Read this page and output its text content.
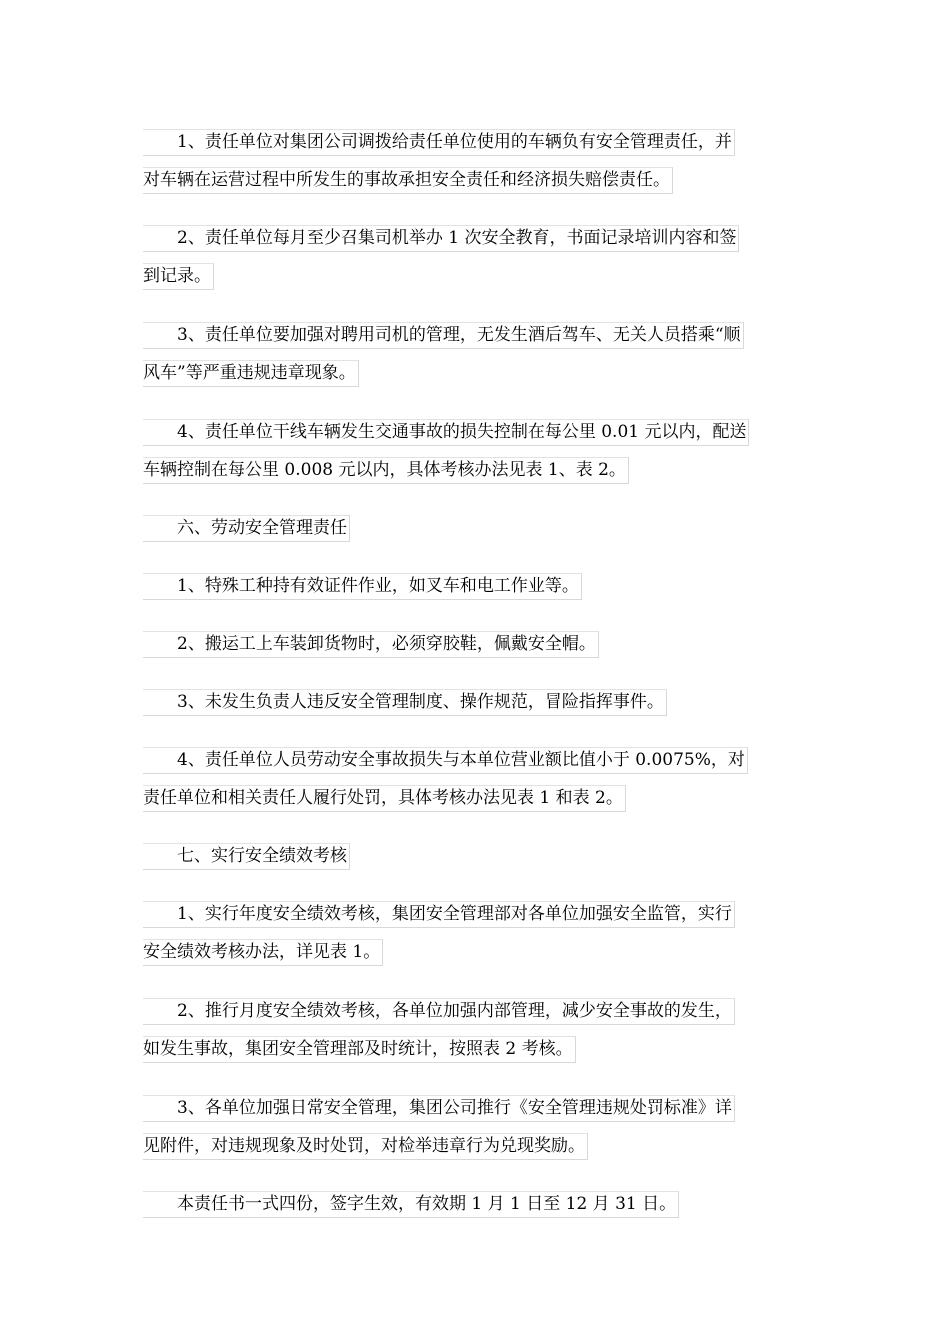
　　1、责任单位对集团公司调拨给责任单位使用的车辆负有安全管理责任，并
对车辆在运营过程中所发生的事故承担安全责任和经济损失赔偿责任。
　　2、责任单位每月至少召集司机举办 1 次安全教育，书面记录培训内容和签
到记录。
　　3、责任单位要加强对聘用司机的管理，无发生酒后驾车、无关人员搭乘“顺
风车”等严重违规违章现象。
　　4、责任单位干线车辆发生交通事故的损失控制在每公里 0.01 元以内，配送
车辆控制在每公里 0.008 元以内，具体考核办法见表 1、表 2。
　　六、劳动安全管理责任
　　1、特殊工种持有效证件作业，如叉车和电工作业等。
　　2、搬运工上车装卸货物时，必须穿胶鞋，佩戴安全帽。
　　3、未发生负责人违反安全管理制度、操作规范，冒险指挥事件。
　　4、责任单位人员劳动安全事故损失与本单位营业额比值小于 0.0075%，对
责任单位和相关责任人履行处罚，具体考核办法见表 1 和表 2。
　　七、实行安全绩效考核
　　1、实行年度安全绩效考核，集团安全管理部对各单位加强安全监管，实行
安全绩效考核办法，详见表 1。
　　2、推行月度安全绩效考核，各单位加强内部管理，减少安全事故的发生，
如发生事故，集团安全管理部及时统计，按照表 2 考核。
　　3、各单位加强日常安全管理，集团公司推行《安全管理违规处罚标准》详
见附件，对违规现象及时处罚，对检举违章行为兑现奖励。
　　本责任书一式四份，签字生效，有效期 1 月 1 日至 12 月 31 日。
